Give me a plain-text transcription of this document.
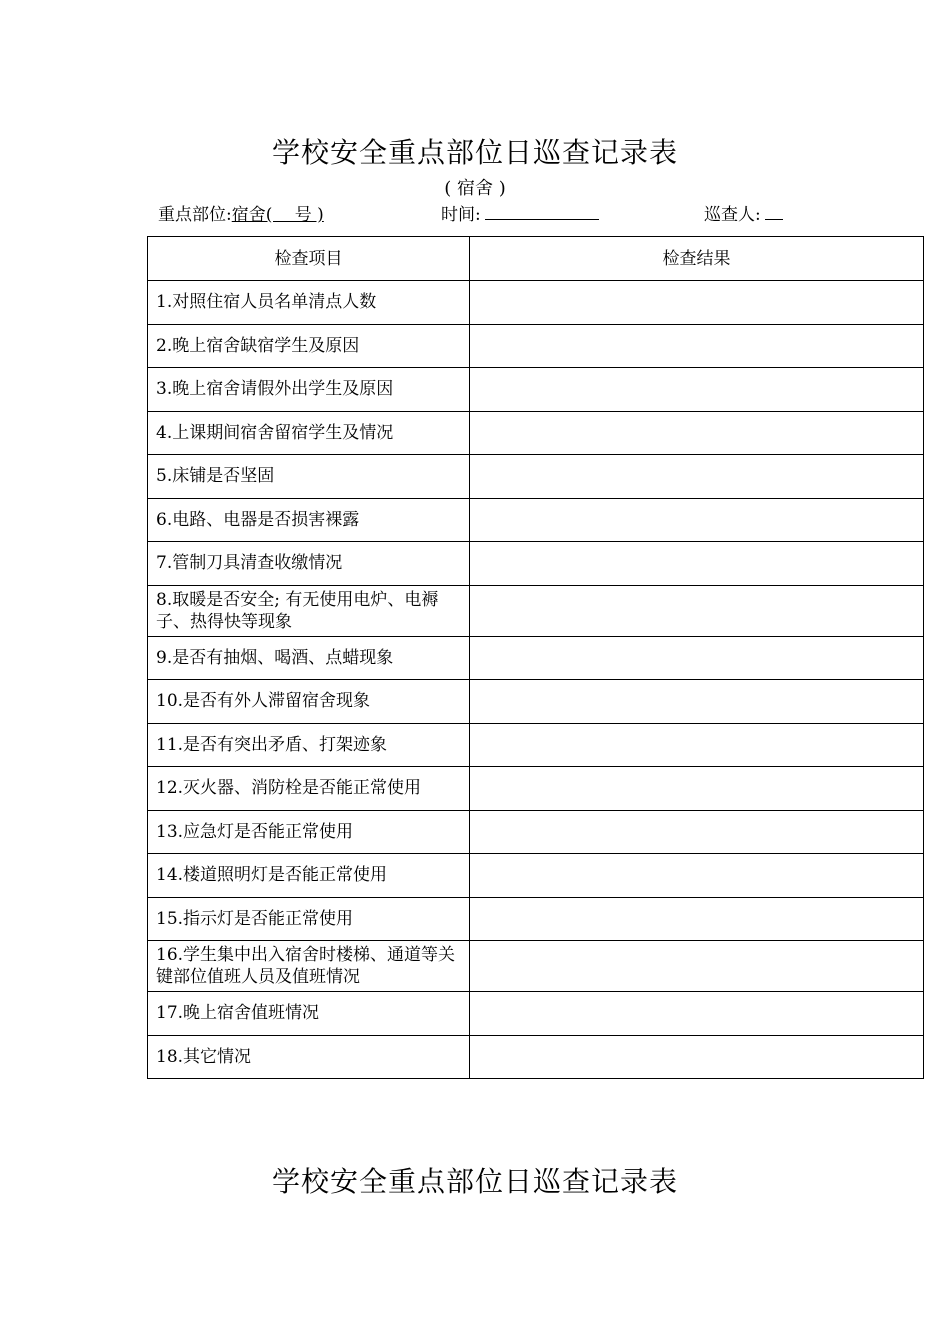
学校安全重点部位日巡查记录表
( 宿舍 )
重点部位:宿舍(　 号 )	时间:	巡查人:
检查项目	检查结果
1.对照住宿人员名单清点人数	
2.晚上宿舍缺宿学生及原因	
3.晚上宿舍请假外出学生及原因	
4.上课期间宿舍留宿学生及情况	
5.床铺是否坚固	
6.电路、电器是否损害裸露	
7.管制刀具清查收缴情况	
8.取暖是否安全; 有无使用电炉、电褥子、热得快等现象	
9.是否有抽烟、喝酒、点蜡现象	
10.是否有外人滞留宿舍现象	
11.是否有突出矛盾、打架迹象	
12.灭火器、消防栓是否能正常使用	
13.应急灯是否能正常使用	
14.楼道照明灯是否能正常使用	
15.指示灯是否能正常使用	
16.学生集中出入宿舍时楼梯、通道等关键部位值班人员及值班情况	
17.晚上宿舍值班情况	
18.其它情况	
学校安全重点部位日巡查记录表
